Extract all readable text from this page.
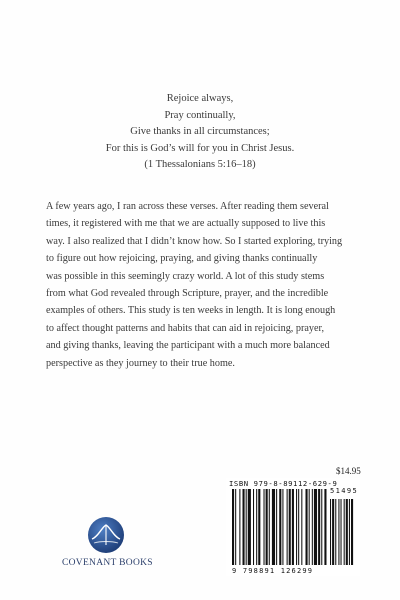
Rejoice always,
Pray continually,
Give thanks in all circumstances;
For this is God’s will for you in Christ Jesus.
(1 Thessalonians 5:16–18)
A few years ago, I ran across these verses. After reading them several
times, it registered with me that we are actually supposed to live this
way. I also realized that I didn’t know how. So I started exploring, trying
to figure out how rejoicing, praying, and giving thanks continually
was possible in this seemingly crazy world. A lot of this study stems
from what God revealed through Scripture, prayer, and the incredible
examples of others. This study is ten weeks in length. It is long enough
to affect thought patterns and habits that can aid in rejoicing, prayer,
and giving thanks, leaving the participant with a much more balanced
perspective as they journey to their true home.
COVENANT BOOKS
$14.95
ISBN 979-8-89112-629-9
51495
9 798891 126299
